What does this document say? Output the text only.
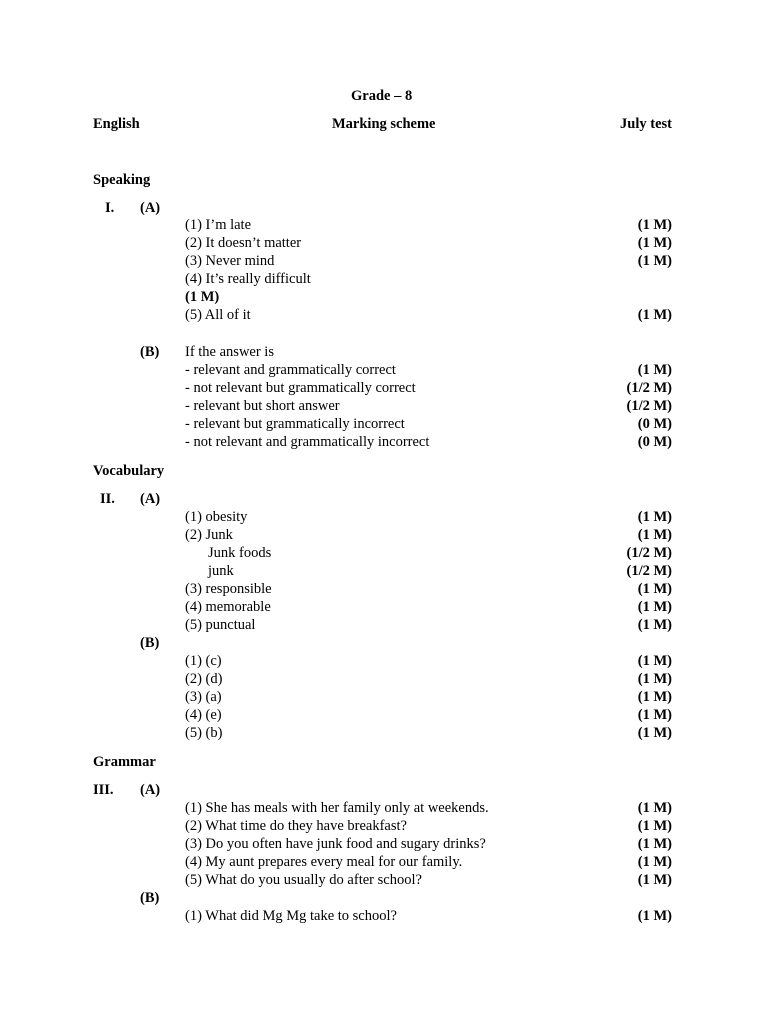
Grade – 8
English	Marking scheme	July test
Speaking
I. (A)
(1) I’m late	(1 M)
(2) It doesn’t matter	(1 M)
(3) Never mind	(1 M)
(4) It’s really difficult
(1 M)
(5) All of it	(1 M)
(B) If the answer is
- relevant and grammatically correct	(1 M)
- not relevant but grammatically correct	(1/2 M)
- relevant but short answer	(1/2 M)
- relevant but grammatically incorrect	(0 M)
- not relevant and grammatically incorrect	(0 M)
Vocabulary
II. (A)
(1) obesity	(1 M)
(2) Junk	(1 M)
Junk foods	(1/2 M)
junk	(1/2 M)
(3) responsible	(1 M)
(4) memorable	(1 M)
(5) punctual	(1 M)
(B)
(1) (c)	(1 M)
(2) (d)	(1 M)
(3) (a)	(1 M)
(4) (e)	(1 M)
(5) (b)	(1 M)
Grammar
III. (A)
(1) She has meals with her family only at weekends.	(1 M)
(2) What time do they have breakfast?	(1 M)
(3) Do you often have junk food and sugary drinks?	(1 M)
(4) My aunt prepares every meal for our family.	(1 M)
(5) What do you usually do after school?	(1 M)
(B)
(1) What did Mg Mg take to school?	(1 M)
